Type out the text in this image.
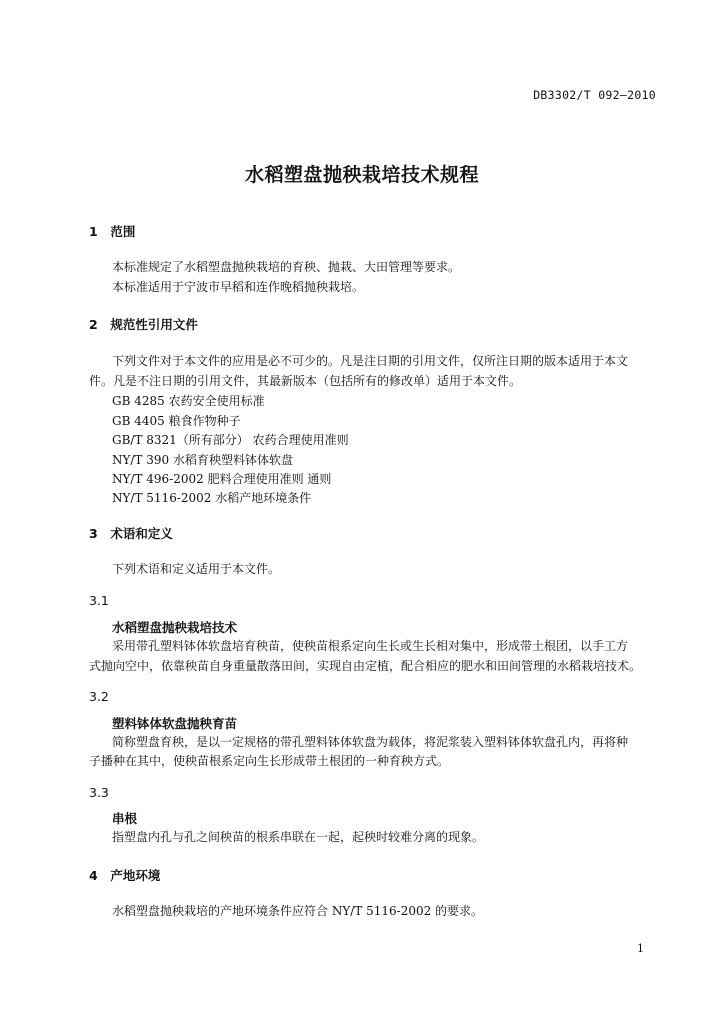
DB3302/T 092—2010
水稻塑盘抛秧栽培技术规程
1 范围
本标准规定了水稻塑盘抛秧栽培的育秧、抛栽、大田管理等要求。
本标准适用于宁波市早稻和连作晚稻抛秧栽培。
2 规范性引用文件
下列文件对于本文件的应用是必不可少的。凡是注日期的引用文件，仅所注日期的版本适用于本文
件。凡是不注日期的引用文件，其最新版本（包括所有的修改单）适用于本文件。
GB 4285 农药安全使用标准
GB 4405 粮食作物种子
GB/T 8321（所有部分） 农药合理使用准则
NY/T 390 水稻育秧塑料钵体软盘
NY/T 496-2002 肥料合理使用准则 通则
NY/T 5116-2002 水稻产地环境条件
3 术语和定义
下列术语和定义适用于本文件。
3.1
水稻塑盘抛秧栽培技术
采用带孔塑料钵体软盘培育秧苗，使秧苗根系定向生长或生长相对集中，形成带土根团，以手工方
式抛向空中，依靠秧苗自身重量散落田间，实现自由定植，配合相应的肥水和田间管理的水稻栽培技术。
3.2
塑料钵体软盘抛秧育苗
简称塑盘育秧，是以一定规格的带孔塑料钵体软盘为载体，将泥浆装入塑料钵体软盘孔内，再将种
子播种在其中，使秧苗根系定向生长形成带土根团的一种育秧方式。
3.3
串根
指塑盘内孔与孔之间秧苗的根系串联在一起，起秧时较难分离的现象。
4 产地环境
水稻塑盘抛秧栽培的产地环境条件应符合 NY/T 5116-2002 的要求。
1
